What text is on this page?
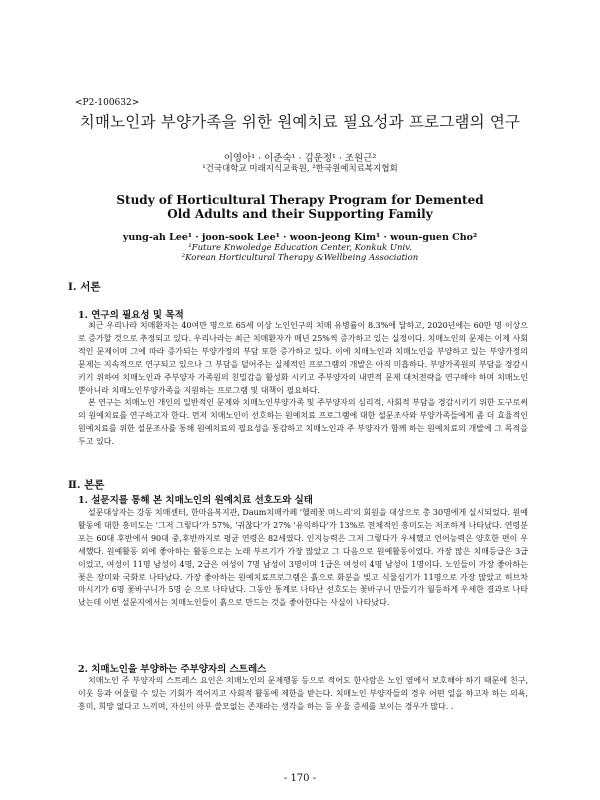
<P2-100632>
치매노인과 부양가족을 위한 원예치료 필요성과 프로그램의 연구
이영아¹ · 이준숙¹ · 김운정¹ · 조원근²
¹건국대학교 미래지식교육원, ²한국원예치료복지협회
Study of Horticultural Therapy Program for Demented Old Adults and their Supporting Family
yung-ah Lee¹ · joon-sook Lee¹ · woon-jeong Kim¹ · woun-guen Cho²
¹Future Knwoledge Education Center, Konkuk Univ.
²Korean Horticultural Therapy &Wellbeing Association
Ⅰ. 서론
1. 연구의 필요성 및 목적

최근 우리나라 치매환자는 40여만 명으로 65세 이상 노인인구의 치매 유병률이 8.3%에 달하고, 2020년에는 60만 명 이상으로 증가할 것으로 추정되고 있다. 우리나라는 최근 치매환자가 매년 25%씩 증가하고 있는 실정이다. 치매노인의 문제는 이제 사회적인 문제이며 그에 따라 증가되는 부양가정의 부담 또한 증가하고 있다. 이에 치매노인과 치매노인을 부양하고 있는 부양가정의 문제는 지속적으로 연구되고 있으나 그 부담을 덜어주는 실제적인 프로그램의 개발은 아직 미흡하다. 부양가족원의 부담을 경감시키기 위하여 치매노인과 주부양자 가족원의 친밀감을 활성화 시키고 주부양자의 내면적 문제 대처전략을 연구해야 하며 치매노인뿐아니라 치매노인부양가족을 지원하는 프로그램 및 대책이 필요하다.

본 연구는 치매노인 개인의 일반적인 문제와 치매노인부양가족 및 주부양자의 심리적, 사회적 부담을 경감시키기 위한 도구로써의 원예치료를 연구하고자 한다. 먼저 치매노인이 선호하는 원예치료 프로그램에 대한 설문조사와 부양가족들에게 좀 더 효율적인 원예치료를 위한 설문조사를 통해 원예치료의 필요성을 통감하고 치매노인과 주 부양자가 함께 하는 원예치료의 개발에 그 목적을 두고 있다.

Ⅱ. 본론
1. 설문지를 통해 본 치매노인의 원예치료 선호도와 실태

설문대상자는 강동 치매센터, 한마음복지관, Daum치매카페 '헬레꽃 며느리'의 회원을 대상으로 총 30명에게 실시되었다. 원예활동에 대한 흥미도는 '그저 그렇다'가 57%, '귀찮다'가 27% '유익하다'가 13%로 전체적인 흥미도는 저조하게 나타났다. 연령분포는 60대 후반에서 90대 중,후반까지로 평균 연령은 82세였다. 인지능력은 그저 그렇다가 우세했고 언어능력은 양호한 편이 우세했다. 원예활동 외에 좋아하는 활동으로는 노래 부르기가 가장 많았고 그 다음으로 원예활동이었다. 가장 많은 치매등급은 3급이었고, 여성이 11명 남성이 4명, 2급은 여성이 7명 남성이 3명이며 1급은 여성이 4명 남성이 1명이다. 노인들이 가장 좋아하는 꽃은 장미와 국화로 나타났다. 가장 좋아하는 원예치료프로그램은 흙으로 화분을 빚고 식물심기가 11명으로 가장 많았고 허브차 마시기가 6명 꽃바구니가 5명 순 으로 나타났다. 그동안 통계로 나타난 선호도는 꽃바구니 만들기가 월등하게 우세한 결과로 나타났는데 이번 설문지에서는 치매노인들이 흙으로 만드는 것을 좋아한다는 사실이 나타났다.

2. 치매노인을 부양하는 주부양자의 스트레스

치매노인 주 부양자의 스트레스 요인은 치매노인의 문제행동 등으로 적어도 한사람은 노인 옆에서 보호해야 하기 때문에 친구, 이웃 등과 어울릴 수 있는 기회가 적어지고 사회적 활동에 제한을 받는다. 치매노인 부양자들의 경우 어떤 일을 하고자 하는 의욕, 흥미, 희망 없다고 느끼며, 자신이 아무 쓸모없는 존재라는 생각을 하는 등 우울 증세를 보이는 경우가 많다. .

- 170 -
